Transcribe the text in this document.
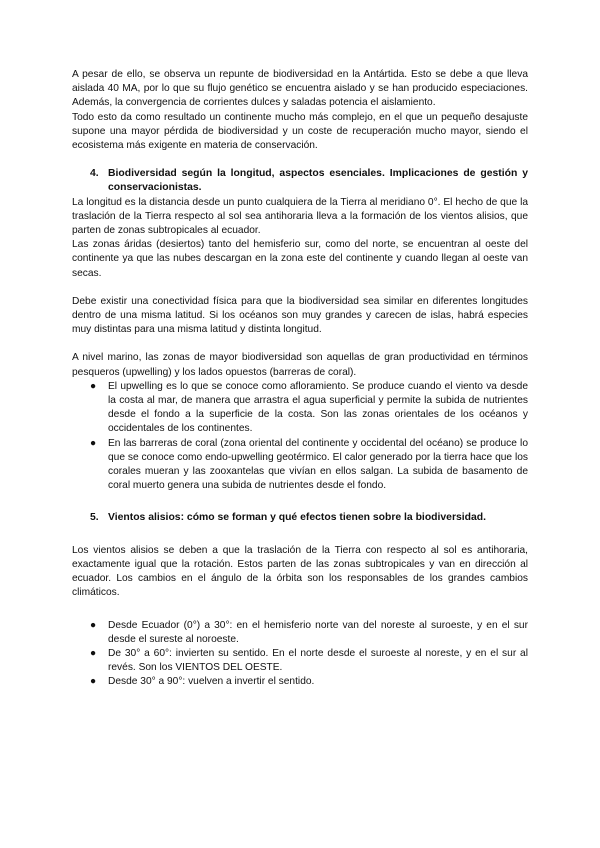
A pesar de ello, se observa un repunte de biodiversidad en la Antártida. Esto se debe a que lleva aislada 40 MA, por lo que su flujo genético se encuentra aislado y se han producido especiaciones. Además, la convergencia de corrientes dulces y saladas potencia el aislamiento.

Todo esto da como resultado un continente mucho más complejo, en el que un pequeño desajuste supone una mayor pérdida de biodiversidad y un coste de recuperación mucho mayor, siendo el ecosistema más exigente en materia de conservación.

4. Biodiversidad según la longitud, aspectos esenciales. Implicaciones de gestión y conservacionistas.

La longitud es la distancia desde un punto cualquiera de la Tierra al meridiano 0°. El hecho de que la traslación de la Tierra respecto al sol sea antihoraria lleva a la formación de los vientos alisios, que parten de zonas subtropicales al ecuador.

Las zonas áridas (desiertos) tanto del hemisferio sur, como del norte, se encuentran al oeste del continente ya que las nubes descargan en la zona este del continente y cuando llegan al oeste van secas.

Debe existir una conectividad física para que la biodiversidad sea similar en diferentes longitudes dentro de una misma latitud. Si los océanos son muy grandes y carecen de islas, habrá especies muy distintas para una misma latitud y distinta longitud.

A nivel marino, las zonas de mayor biodiversidad son aquellas de gran productividad en términos pesqueros (upwelling) y los lados opuestos (barreras de coral).

●	El upwelling es lo que se conoce como afloramiento. Se produce cuando el viento va desde la costa al mar, de manera que arrastra el agua superficial y permite la subida de nutrientes desde el fondo a la superficie de la costa. Son las zonas orientales de los océanos y occidentales de los continentes.
●	En las barreras de coral (zona oriental del continente y occidental del océano) se produce lo que se conoce como endo-upwelling geotérmico. El calor generado por la tierra hace que los corales mueran y las zooxantelas que vivían en ellos salgan. La subida de basamento de coral muerto genera una subida de nutrientes desde el fondo.
5. Vientos alisios: cómo se forman y qué efectos tienen sobre la biodiversidad.

Los vientos alisios se deben a que la traslación de la Tierra con respecto al sol es antihoraria, exactamente igual que la rotación. Estos parten de las zonas subtropicales y van en dirección al ecuador. Los cambios en el ángulo de la órbita son los responsables de los grandes cambios climáticos.

●	Desde Ecuador (0°) a 30°: en el hemisferio norte van del noreste al suroeste, y en el sur desde el sureste al noroeste.
●	De 30° a 60°: invierten su sentido. En el norte desde el suroeste al noreste, y en el sur al revés. Son los VIENTOS DEL OESTE.
●	Desde 30° a 90°: vuelven a invertir el sentido.
